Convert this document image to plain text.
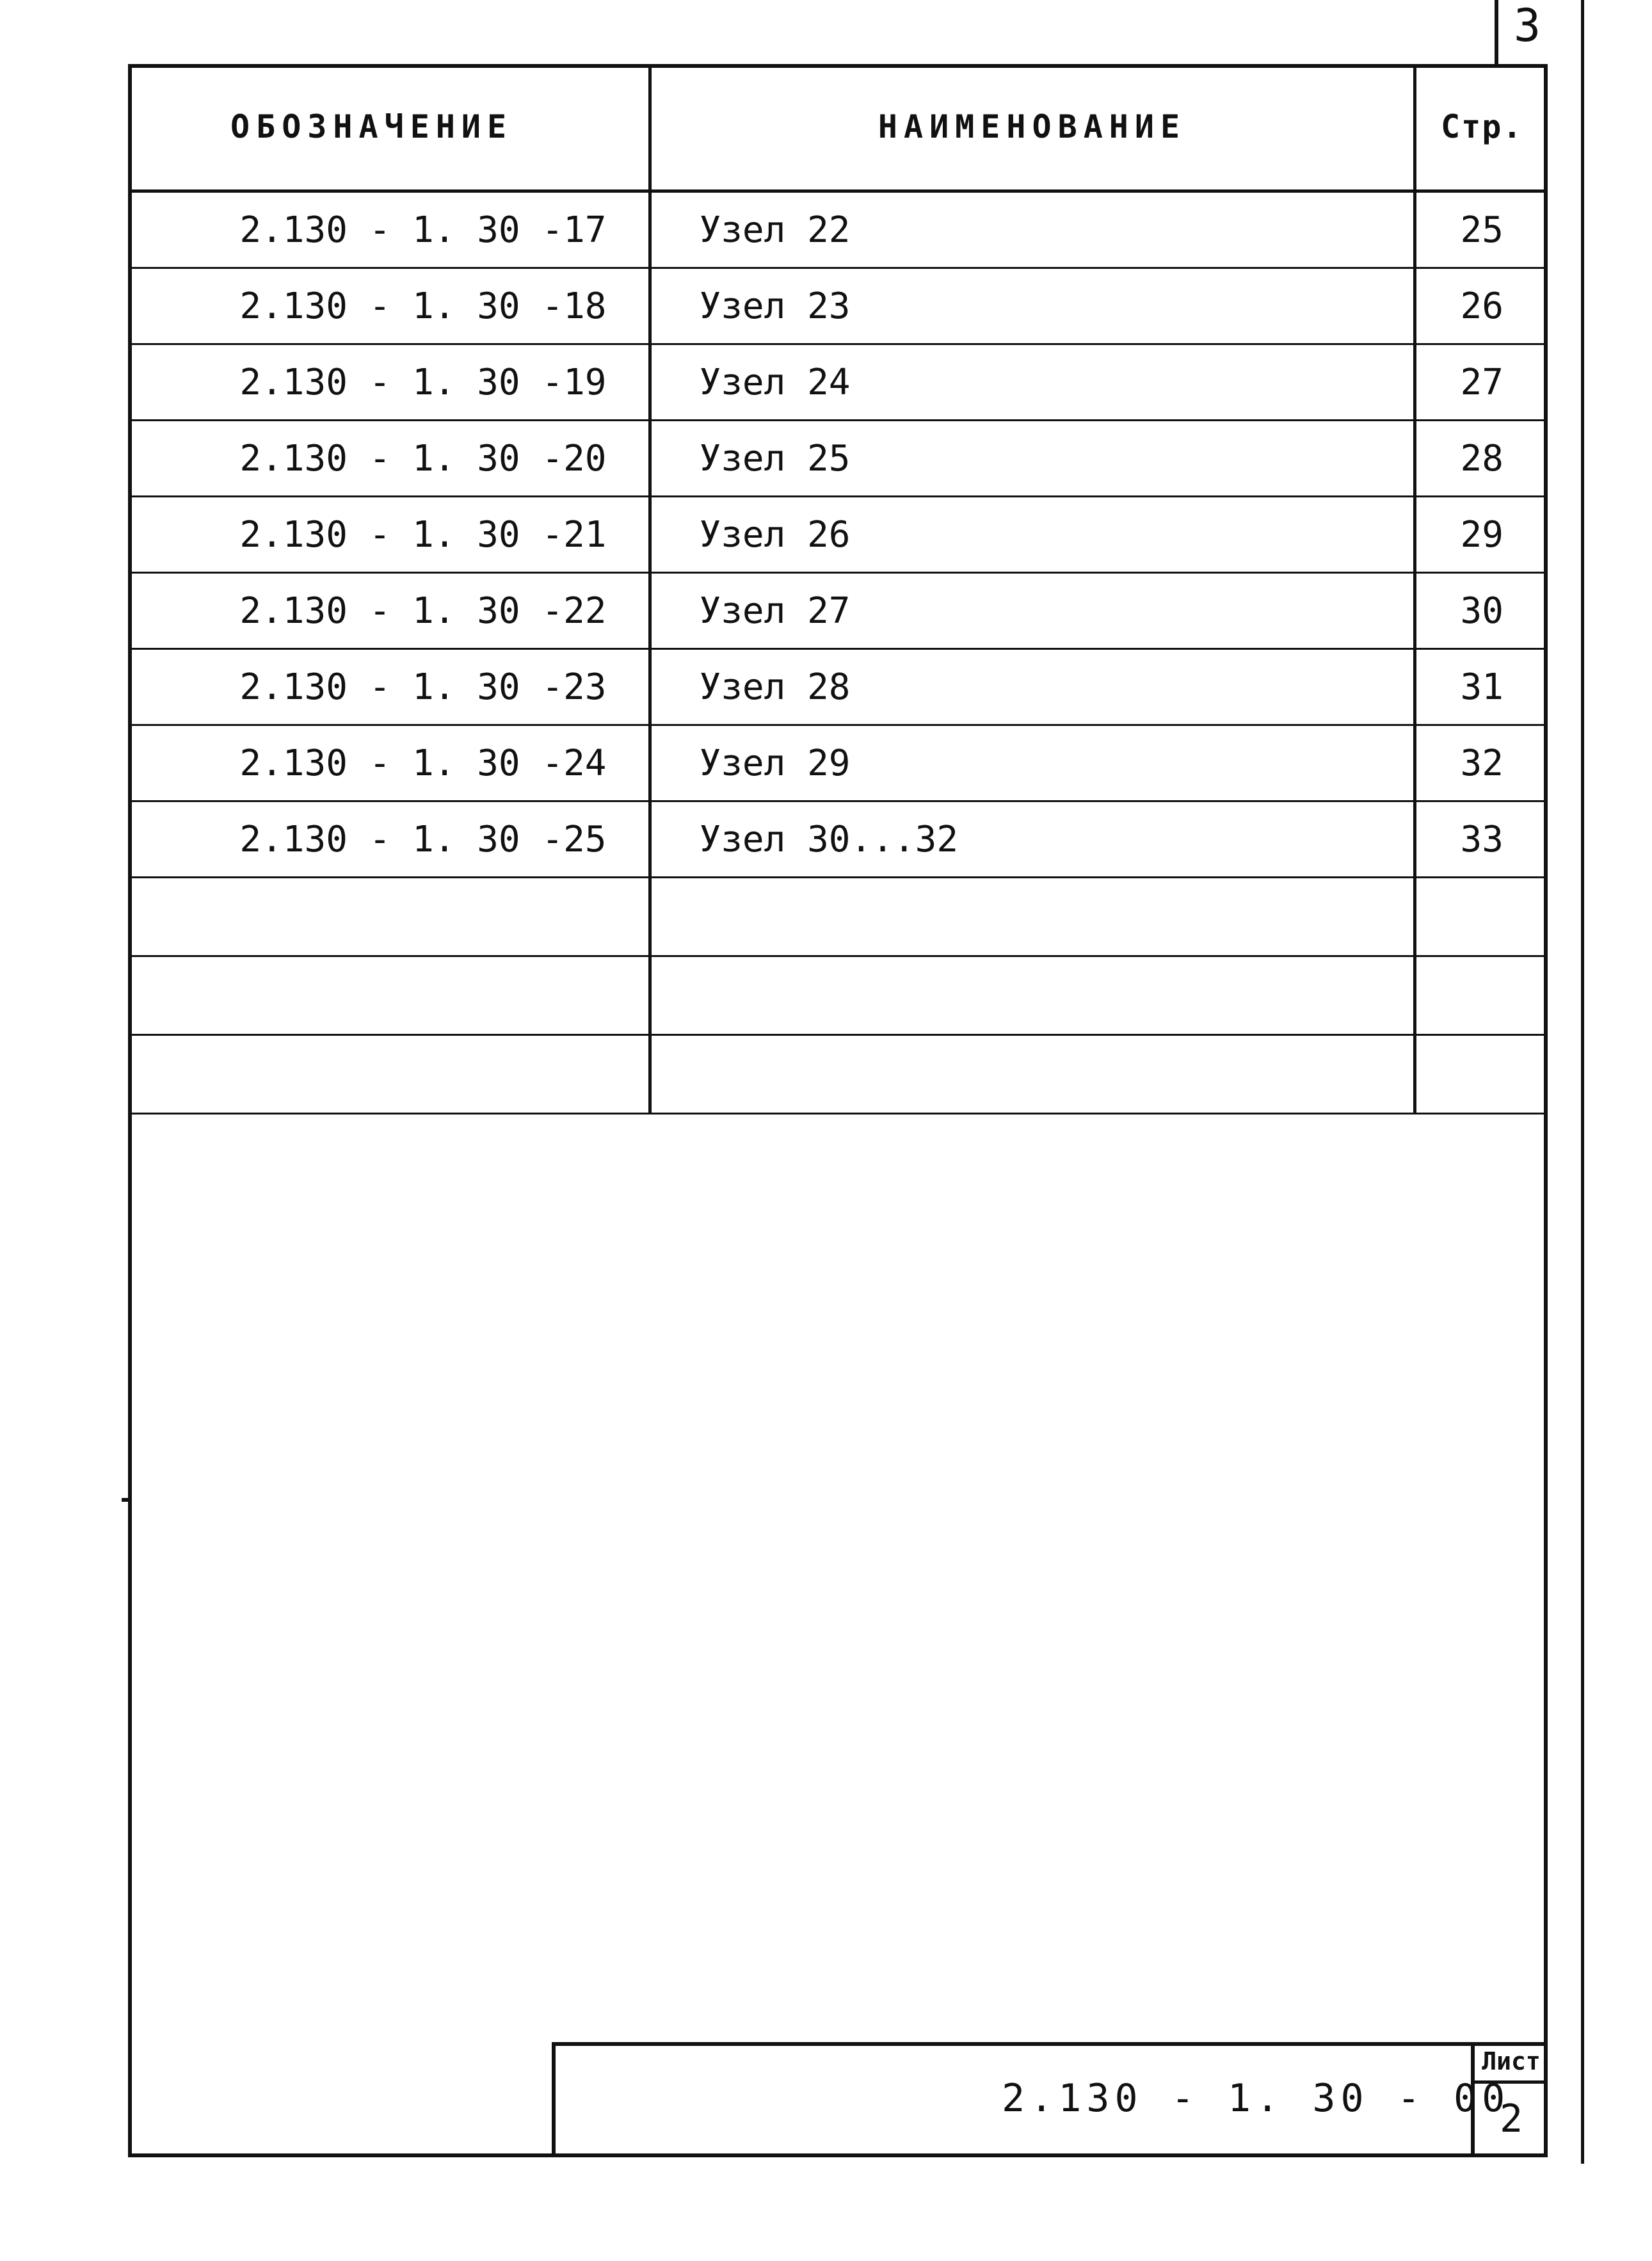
3
ОБОЗНАЧЕНИЕ	НАИМЕНОВАНИЕ	Стр.
2.130 - 1. 30 -17	Узел 22	25
2.130 - 1. 30 -18	Узел 23	26
2.130 - 1. 30 -19	Узел 24	27
2.130 - 1. 30 -20	Узел 25	28
2.130 - 1. 30 -21	Узел 26	29
2.130 - 1. 30 -22	Узел 27	30
2.130 - 1. 30 -23	Узел 28	31
2.130 - 1. 30 -24	Узел 29	32
2.130 - 1. 30 -25	Узел 30...32	33

2.130 - 1. 30 - 00
Лист
2
